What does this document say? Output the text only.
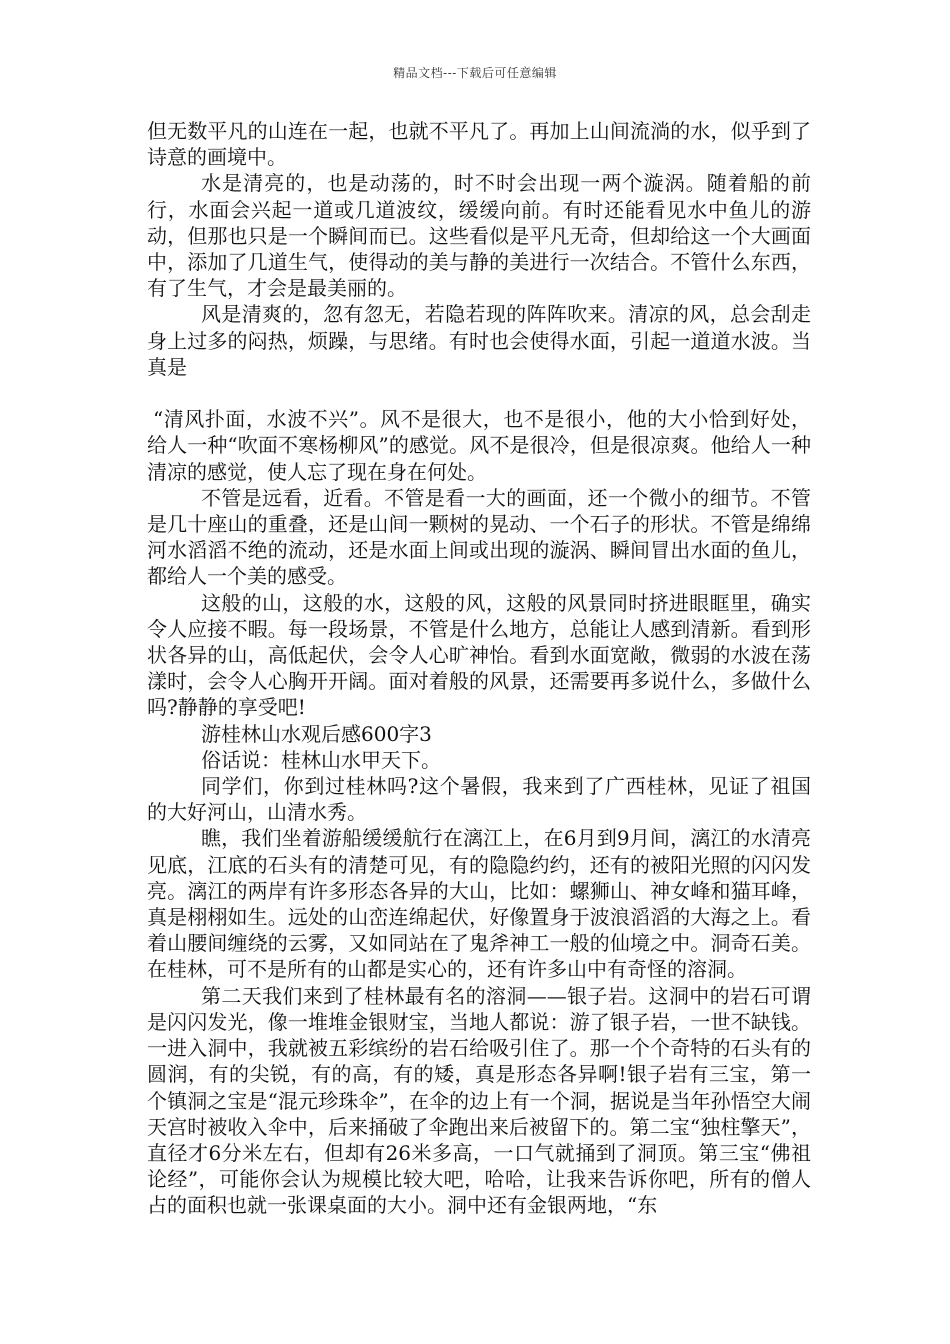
精品文档---下载后可任意编辑

但无数平凡的山连在一起，也就不平凡了。再加上山间流淌的水，似乎到了诗意的画境中。

水是清亮的，也是动荡的，时不时会出现一两个漩涡。随着船的前行，水面会兴起一道或几道波纹，缓缓向前。有时还能看见水中鱼儿的游动，但那也只是一个瞬间而已。这些看似是平凡无奇，但却给这一个大画面中，添加了几道生气，使得动的美与静的美进行一次结合。不管什么东西，有了生气，才会是最美丽的。

风是清爽的，忽有忽无，若隐若现的阵阵吹来。清凉的风，总会刮走身上过多的闷热，烦躁，与思绪。有时也会使得水面，引起一道道水波。当真是

“清风扑面，水波不兴”。风不是很大，也不是很小，他的大小恰到好处，给人一种“吹面不寒杨柳风”的感觉。风不是很冷，但是很凉爽。他给人一种清凉的感觉，使人忘了现在身在何处。

不管是远看，近看。不管是看一大的画面，还一个微小的细节。不管是几十座山的重叠，还是山间一颗树的晃动、一个石子的形状。不管是绵绵河水滔滔不绝的流动，还是水面上间或出现的漩涡、瞬间冒出水面的鱼儿，都给人一个美的感受。

这般的山，这般的水，这般的风，这般的风景同时挤进眼眶里，确实令人应接不暇。每一段场景，不管是什么地方，总能让人感到清新。看到形状各异的山，高低起伏，会令人心旷神怡。看到水面宽敞，微弱的水波在荡漾时，会令人心胸开开阔。面对着般的风景，还需要再多说什么，多做什么吗?静静的享受吧!

游桂林山水观后感600字3

俗话说：桂林山水甲天下。

同学们，你到过桂林吗?这个暑假，我来到了广西桂林，见证了祖国的大好河山，山清水秀。

瞧，我们坐着游船缓缓航行在漓江上，在6月到9月间，漓江的水清亮见底，江底的石头有的清楚可见，有的隐隐约约，还有的被阳光照的闪闪发亮。漓江的两岸有许多形态各异的大山，比如：螺狮山、神女峰和猫耳峰，真是栩栩如生。远处的山峦连绵起伏，好像置身于波浪滔滔的大海之上。看着山腰间缠绕的云雾，又如同站在了鬼斧神工一般的仙境之中。洞奇石美。在桂林，可不是所有的山都是实心的，还有许多山中有奇怪的溶洞。

第二天我们来到了桂林最有名的溶洞——银子岩。这洞中的岩石可谓是闪闪发光，像一堆堆金银财宝，当地人都说：游了银子岩，一世不缺钱。一进入洞中，我就被五彩缤纷的岩石给吸引住了。那一个个奇特的石头有的圆润，有的尖锐，有的高，有的矮，真是形态各异啊!银子岩有三宝，第一个镇洞之宝是“混元珍珠伞”，在伞的边上有一个洞，据说是当年孙悟空大闹天宫时被收入伞中，后来捅破了伞跑出来后被留下的。第二宝“独柱擎天”，直径才6分米左右，但却有26米多高，一口气就捅到了洞顶。第三宝“佛祖论经”，可能你会认为规模比较大吧，哈哈，让我来告诉你吧，所有的僧人占的面积也就一张课桌面的大小。洞中还有金银两地，“东
